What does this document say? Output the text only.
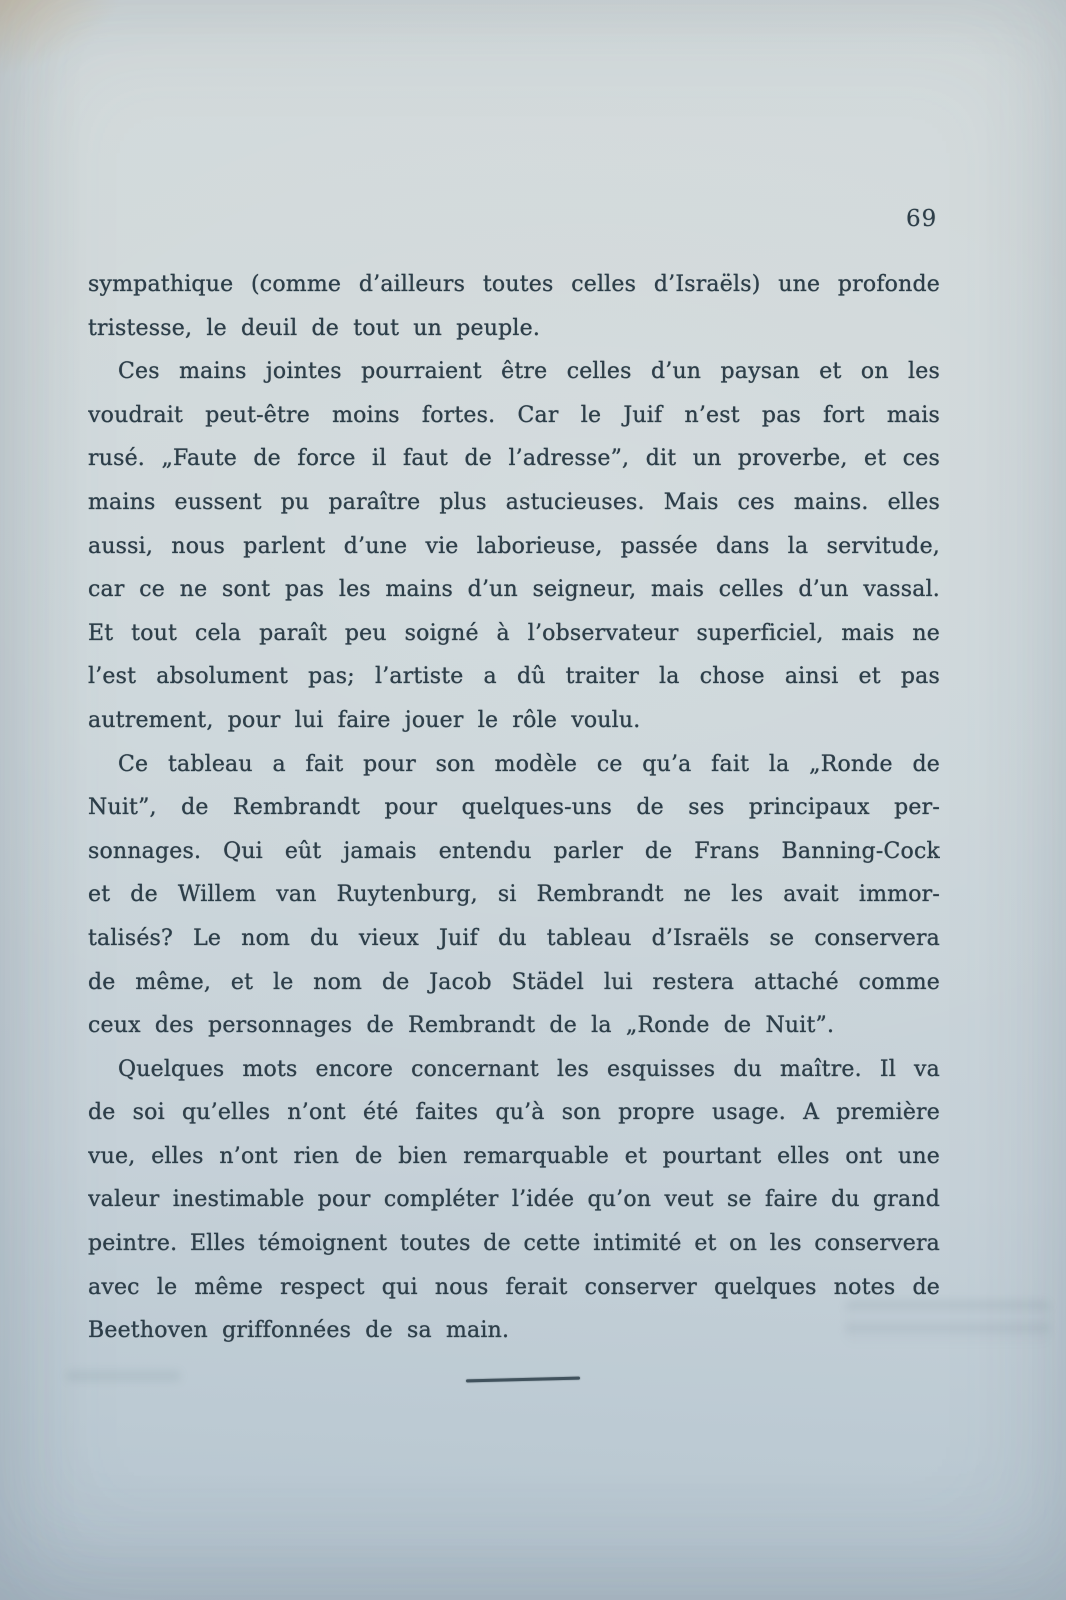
69
sympathique (comme d’ailleurs toutes celles d’Israëls) une profonde
tristesse, le deuil de tout un peuple.
Ces mains jointes pourraient être celles d’un paysan et on les
voudrait peut-être moins fortes. Car le Juif n’est pas fort mais
rusé. „Faute de force il faut de l’adresse”, dit un proverbe, et ces
mains eussent pu paraître plus astucieuses. Mais ces mains. elles
aussi, nous parlent d’une vie laborieuse, passée dans la servitude,
car ce ne sont pas les mains d’un seigneur, mais celles d’un vassal.
Et tout cela paraît peu soigné à l’observateur superficiel, mais ne
l’est absolument pas; l’artiste a dû traiter la chose ainsi et pas
autrement, pour lui faire jouer le rôle voulu.
Ce tableau a fait pour son modèle ce qu’a fait la „Ronde de
Nuit”, de Rembrandt pour quelques-uns de ses principaux per-
sonnages. Qui eût jamais entendu parler de Frans Banning-Cock
et de Willem van Ruytenburg, si Rembrandt ne les avait immor-
talisés? Le nom du vieux Juif du tableau d’Israëls se conservera
de même, et le nom de Jacob Städel lui restera attaché comme
ceux des personnages de Rembrandt de la „Ronde de Nuit”.
Quelques mots encore concernant les esquisses du maître. Il va
de soi qu’elles n’ont été faites qu’à son propre usage. A première
vue, elles n’ont rien de bien remarquable et pourtant elles ont une
valeur inestimable pour compléter l’idée qu’on veut se faire du grand
peintre. Elles témoignent toutes de cette intimité et on les conservera
avec le même respect qui nous ferait conserver quelques notes de
Beethoven griffonnées de sa main.
